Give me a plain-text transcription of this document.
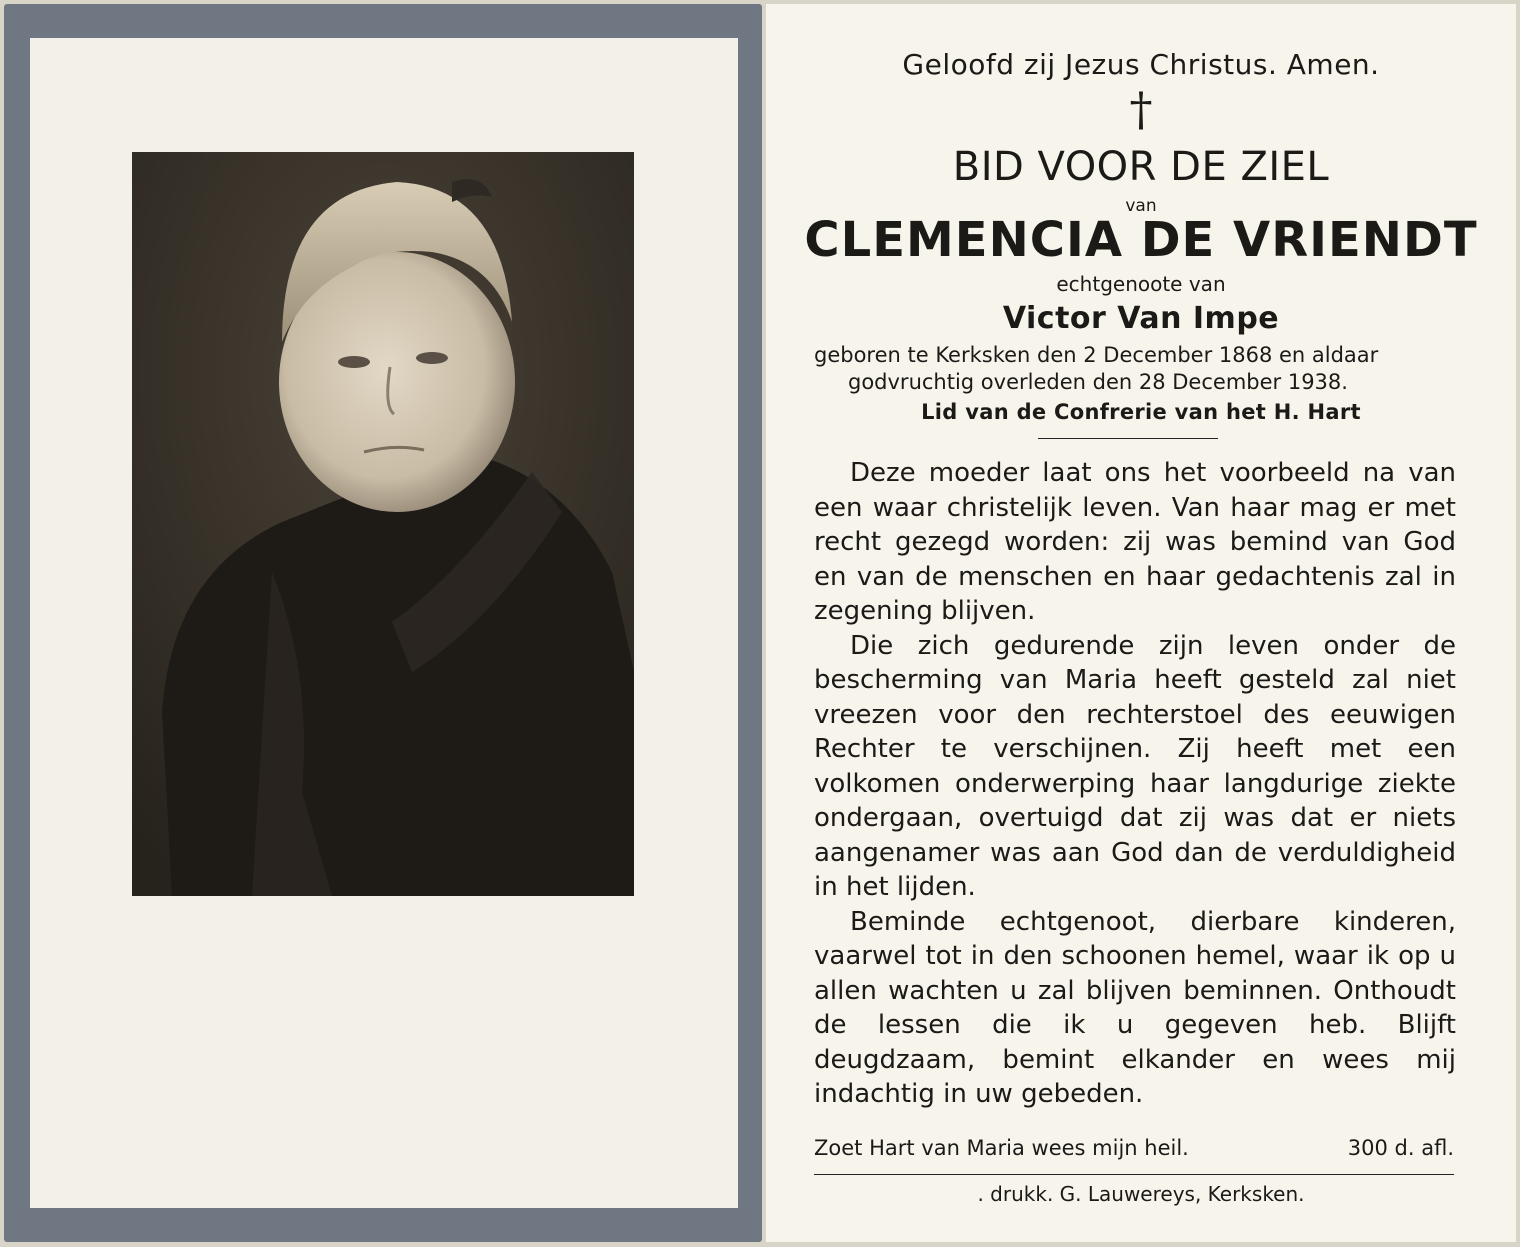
Geloofd zij Jezus Christus. Amen.
†
BID VOOR DE ZIEL
van
CLEMENCIA DE VRIENDT
echtgenoote van
Victor Van Impe
geboren te Kerksken den 2 December 1868 en aldaar
godvruchtig overleden den 28 December 1938.
Lid van de Confrerie van het H. Hart

Deze moeder laat ons het voorbeeld na van een waar christelijk leven. Van haar mag er met recht gezegd worden: zij was bemind van God en van de menschen en haar gedachtenis zal in zegening blijven.

Die zich gedurende zijn leven onder de bescherming van Maria heeft gesteld zal niet vreezen voor den rechterstoel des eeuwigen Rechter te verschijnen. Zij heeft met een volkomen onderwerping haar langdurige ziekte ondergaan, overtuigd dat zij was dat er niets aangenamer was aan God dan de verduldigheid in het lijden.

Beminde echtgenoot, dierbare kinderen, vaarwel tot in den schoonen hemel, waar ik op u allen wachten u zal blijven beminnen. Onthoudt de lessen die ik u gegeven heb. Blijft deugdzaam, bemint elkander en wees mij indachtig in uw gebeden.

Zoet Hart van Maria wees mijn heil.	300 d. afl.
. drukk. G. Lauwereys, Kerksken.
